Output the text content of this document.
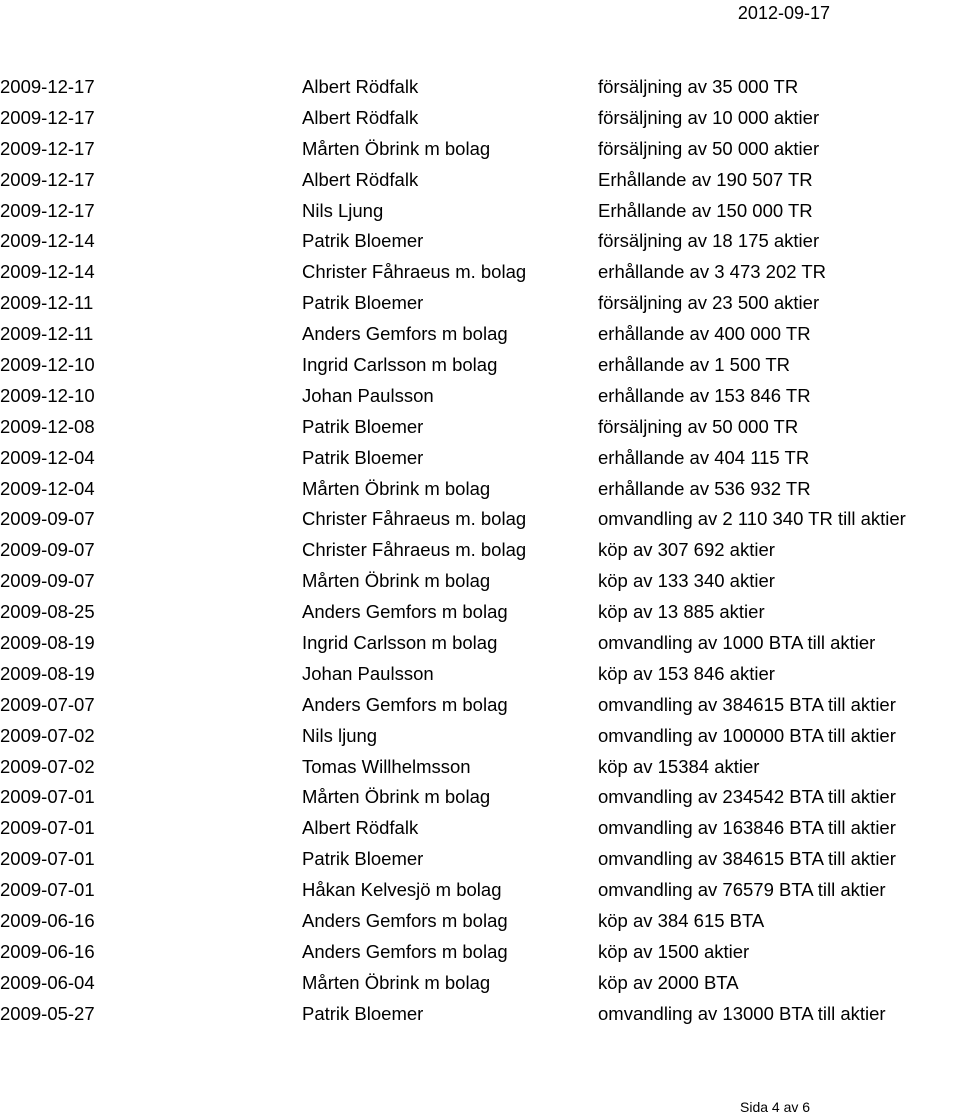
2012-09-17
2009-12-17	Albert Rödfalk	försäljning av 35 000 TR
2009-12-17	Albert Rödfalk	försäljning av 10 000 aktier
2009-12-17	Mårten Öbrink m bolag	försäljning av 50 000 aktier
2009-12-17	Albert Rödfalk	Erhållande av 190 507 TR
2009-12-17	Nils Ljung	Erhållande av 150 000 TR
2009-12-14	Patrik Bloemer	försäljning av 18 175 aktier
2009-12-14	Christer Fåhraeus m. bolag	erhållande av 3 473 202 TR
2009-12-11	Patrik Bloemer	försäljning av 23 500 aktier
2009-12-11	Anders Gemfors m bolag	erhållande av 400 000 TR
2009-12-10	Ingrid Carlsson m bolag	erhållande av 1 500 TR
2009-12-10	Johan Paulsson	erhållande av 153 846 TR
2009-12-08	Patrik Bloemer	försäljning av 50 000 TR
2009-12-04	Patrik Bloemer	erhållande av 404 115 TR
2009-12-04	Mårten Öbrink m bolag	erhållande av 536 932 TR
2009-09-07	Christer Fåhraeus m. bolag	omvandling av 2 110 340 TR till aktier
2009-09-07	Christer Fåhraeus m. bolag	köp av 307 692 aktier
2009-09-07	Mårten Öbrink m bolag	köp av 133 340 aktier
2009-08-25	Anders Gemfors m bolag	köp av 13 885 aktier
2009-08-19	Ingrid Carlsson m bolag	omvandling av 1000 BTA till aktier
2009-08-19	Johan Paulsson	köp av 153 846 aktier
2009-07-07	Anders Gemfors m bolag	omvandling av 384615 BTA till aktier
2009-07-02	Nils ljung	omvandling av 100000 BTA till aktier
2009-07-02	Tomas Willhelmsson	köp av 15384 aktier
2009-07-01	Mårten Öbrink m bolag	omvandling av 234542 BTA till aktier
2009-07-01	Albert Rödfalk	omvandling av 163846 BTA till aktier
2009-07-01	Patrik Bloemer	omvandling av 384615 BTA till aktier
2009-07-01	Håkan Kelvesjö m bolag	omvandling av 76579 BTA till aktier
2009-06-16	Anders Gemfors m bolag	köp av 384 615 BTA
2009-06-16	Anders Gemfors m bolag	köp av 1500 aktier
2009-06-04	Mårten Öbrink m bolag	köp av 2000 BTA
2009-05-27	Patrik Bloemer	omvandling av 13000 BTA till aktier
Sida 4 av 6
